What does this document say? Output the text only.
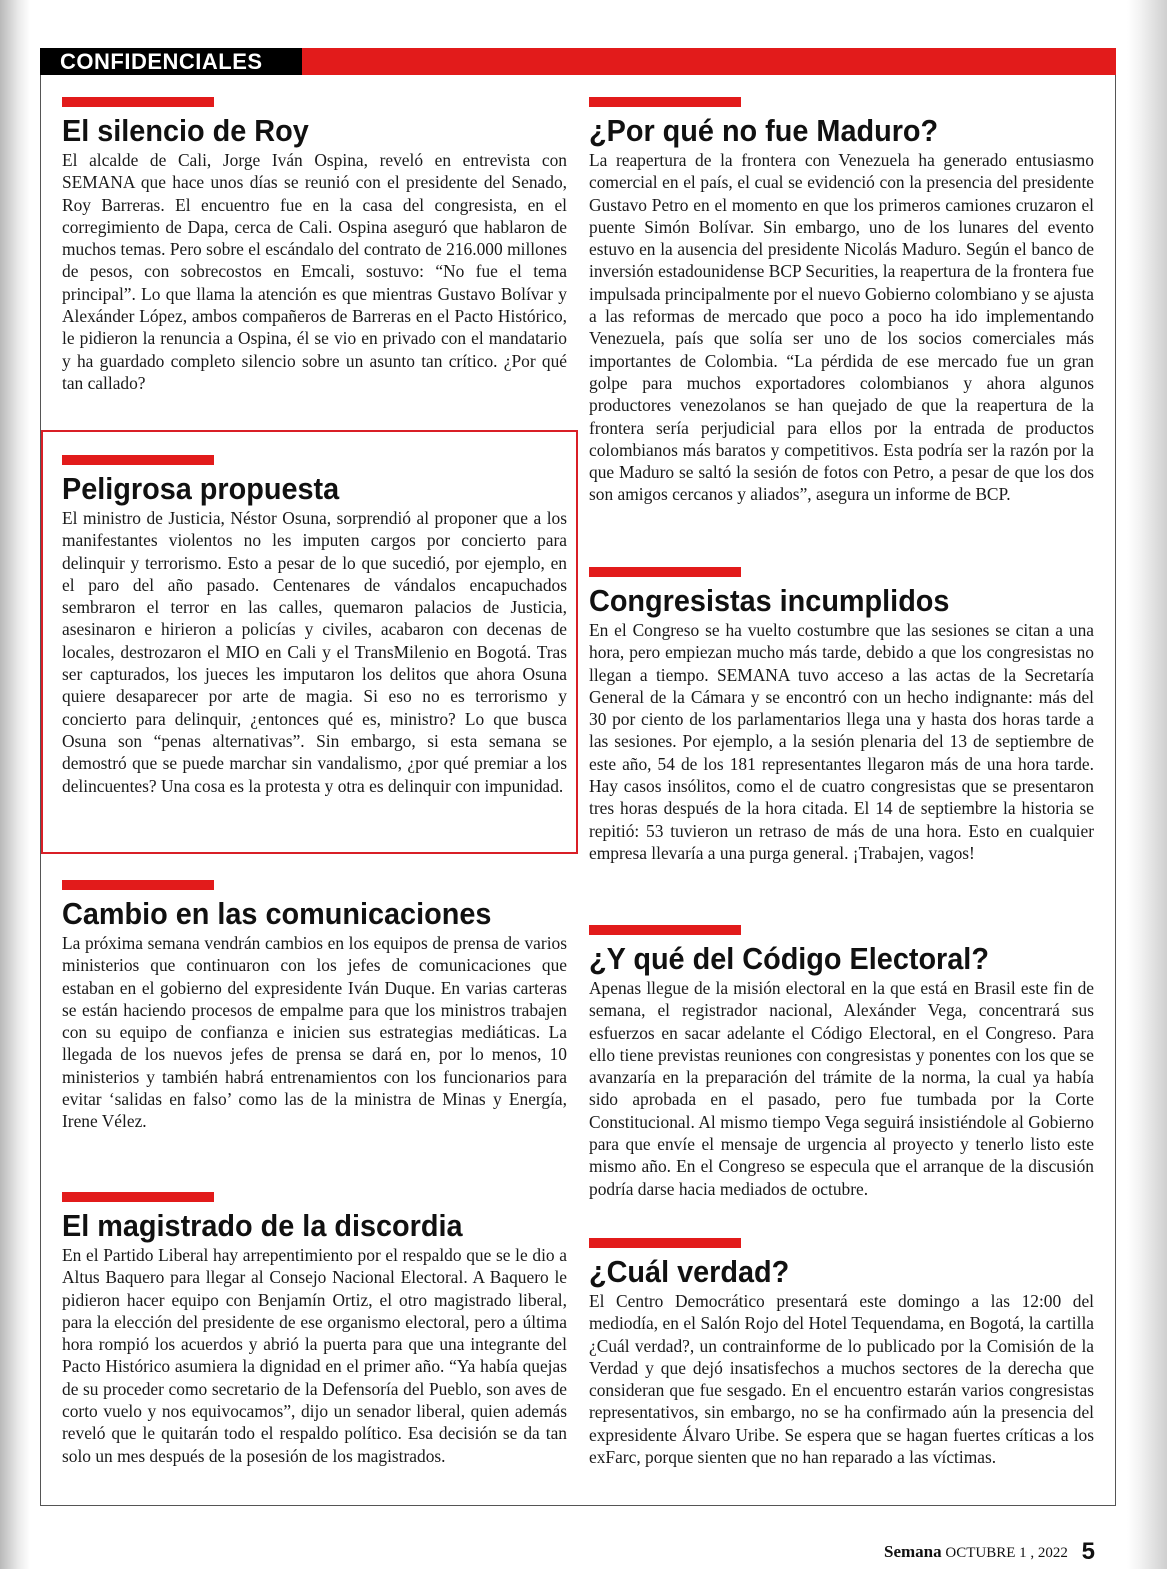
CONFIDENCIALES
El silencio de Roy

El alcalde de Cali, Jorge Iván Ospina, reveló en entrevista con SEMANA que hace unos días se reunió con el presidente del Senado, Roy Barreras. El encuentro fue en la casa del congresista, en el corregimiento de Dapa, cerca de Cali. Ospina aseguró que hablaron de muchos temas. Pero sobre el escándalo del contrato de 216.000 millones de pesos, con sobrecostos en Emcali, sostuvo: “No fue el tema principal”. Lo que llama la atención es que mientras Gustavo Bolívar y Alexánder López, ambos compañeros de Barreras en el Pacto Histórico, le pidieron la renuncia a Ospina, él se vio en privado con el mandatario y ha guardado completo silencio sobre un asunto tan crítico. ¿Por qué tan callado?

Peligrosa propuesta

El ministro de Justicia, Néstor Osuna, sorprendió al proponer que a los manifestantes violentos no les imputen cargos por concierto para delinquir y terrorismo. Esto a pesar de lo que sucedió, por ejemplo, en el paro del año pasado. Centenares de vándalos encapuchados sembraron el terror en las calles, quemaron palacios de Justicia, asesinaron e hirieron a policías y civiles, acabaron con decenas de locales, destrozaron el MIO en Cali y el TransMilenio en Bogotá. Tras ser capturados, los jueces les imputaron los delitos que ahora Osuna quiere desaparecer por arte de magia. Si eso no es terrorismo y concierto para delinquir, ¿entonces qué es, ministro? Lo que busca Osuna son “penas alternativas”. Sin embargo, si esta semana se demostró que se puede marchar sin vandalismo, ¿por qué premiar a los delincuentes? Una cosa es la protesta y otra es delinquir con impunidad.

Cambio en las comunicaciones

La próxima semana vendrán cambios en los equipos de prensa de varios ministerios que continuaron con los jefes de comunicaciones que estaban en el gobierno del expresidente Iván Duque. En varias carteras se están haciendo procesos de empalme para que los ministros trabajen con su equipo de confianza e inicien sus estrategias mediáticas. La llegada de los nuevos jefes de prensa se dará en, por lo menos, 10 ministerios y también habrá entrenamientos con los funcionarios para evitar ‘salidas en falso’ como las de la ministra de Minas y Energía, Irene Vélez.

El magistrado de la discordia

En el Partido Liberal hay arrepentimiento por el respaldo que se le dio a Altus Baquero para llegar al Consejo Nacional Electoral. A Baquero le pidieron hacer equipo con Benjamín Ortiz, el otro magistrado liberal, para la elección del presidente de ese organismo electoral, pero a última hora rompió los acuerdos y abrió la puerta para que una integrante del Pacto Histórico asumiera la dignidad en el primer año. “Ya había quejas de su proceder como secretario de la Defensoría del Pueblo, son aves de corto vuelo y nos equivocamos”, dijo un senador liberal, quien además reveló que le quitarán todo el respaldo político. Esa decisión se da tan solo un mes después de la posesión de los magistrados.

¿Por qué no fue Maduro?

La reapertura de la frontera con Venezuela ha generado entusiasmo comercial en el país, el cual se evidenció con la presencia del presidente Gustavo Petro en el momento en que los primeros camiones cruzaron el puente Simón Bolívar. Sin embargo, uno de los lunares del evento estuvo en la ausencia del presidente Nicolás Maduro. Según el banco de inversión estadounidense BCP Securities, la reapertura de la frontera fue impulsada principalmente por el nuevo Gobierno colombiano y se ajusta a las reformas de mercado que poco a poco ha ido implementando Venezuela, país que solía ser uno de los socios comerciales más importantes de Colombia. “La pérdida de ese mercado fue un gran golpe para muchos exportadores colombianos y ahora algunos productores venezolanos se han quejado de que la reapertura de la frontera sería perjudicial para ellos por la entrada de productos colombianos más baratos y competitivos. Esta podría ser la razón por la que Maduro se saltó la sesión de fotos con Petro, a pesar de que los dos son amigos cercanos y aliados”, asegura un informe de BCP.

Congresistas incumplidos

En el Congreso se ha vuelto costumbre que las sesiones se citan a una hora, pero empiezan mucho más tarde, debido a que los congresistas no llegan a tiempo. SEMANA tuvo acceso a las actas de la Secretaría General de la Cámara y se encontró con un hecho indignante: más del 30 por ciento de los parlamentarios llega una y hasta dos horas tarde a las sesiones. Por ejemplo, a la sesión plenaria del 13 de septiembre de este año, 54 de los 181 representantes llegaron más de una hora tarde. Hay casos insólitos, como el de cuatro congresistas que se presentaron tres horas después de la hora citada. El 14 de septiembre la historia se repitió: 53 tuvieron un retraso de más de una hora. Esto en cualquier empresa llevaría a una purga general. ¡Trabajen, vagos!

¿Y qué del Código Electoral?

Apenas llegue de la misión electoral en la que está en Brasil este fin de semana, el registrador nacional, Alexánder Vega, concentrará sus esfuerzos en sacar adelante el Código Electoral, en el Congreso. Para ello tiene previstas reuniones con congresistas y ponentes con los que se avanzaría en la preparación del trámite de la norma, la cual ya había sido aprobada en el pasado, pero fue tumbada por la Corte Constitucional. Al mismo tiempo Vega seguirá insistiéndole al Gobierno para que envíe el mensaje de urgencia al proyecto y tenerlo listo este mismo año. En el Congreso se especula que el arranque de la discusión podría darse hacia mediados de octubre.

¿Cuál verdad?

El Centro Democrático presentará este domingo a las 12:00 del mediodía, en el Salón Rojo del Hotel Tequendama, en Bogotá, la cartilla ¿Cuál verdad?, un contrainforme de lo publicado por la Comisión de la Verdad y que dejó insatisfechos a muchos sectores de la derecha que consideran que fue sesgado. En el encuentro estarán varios congresistas representativos, sin embargo, no se ha confirmado aún la presencia del expresidente Álvaro Uribe. Se espera que se hagan fuertes críticas a los exFarc, porque sienten que no han reparado a las víctimas.

Semana OCTUBRE 1 , 2022 5
